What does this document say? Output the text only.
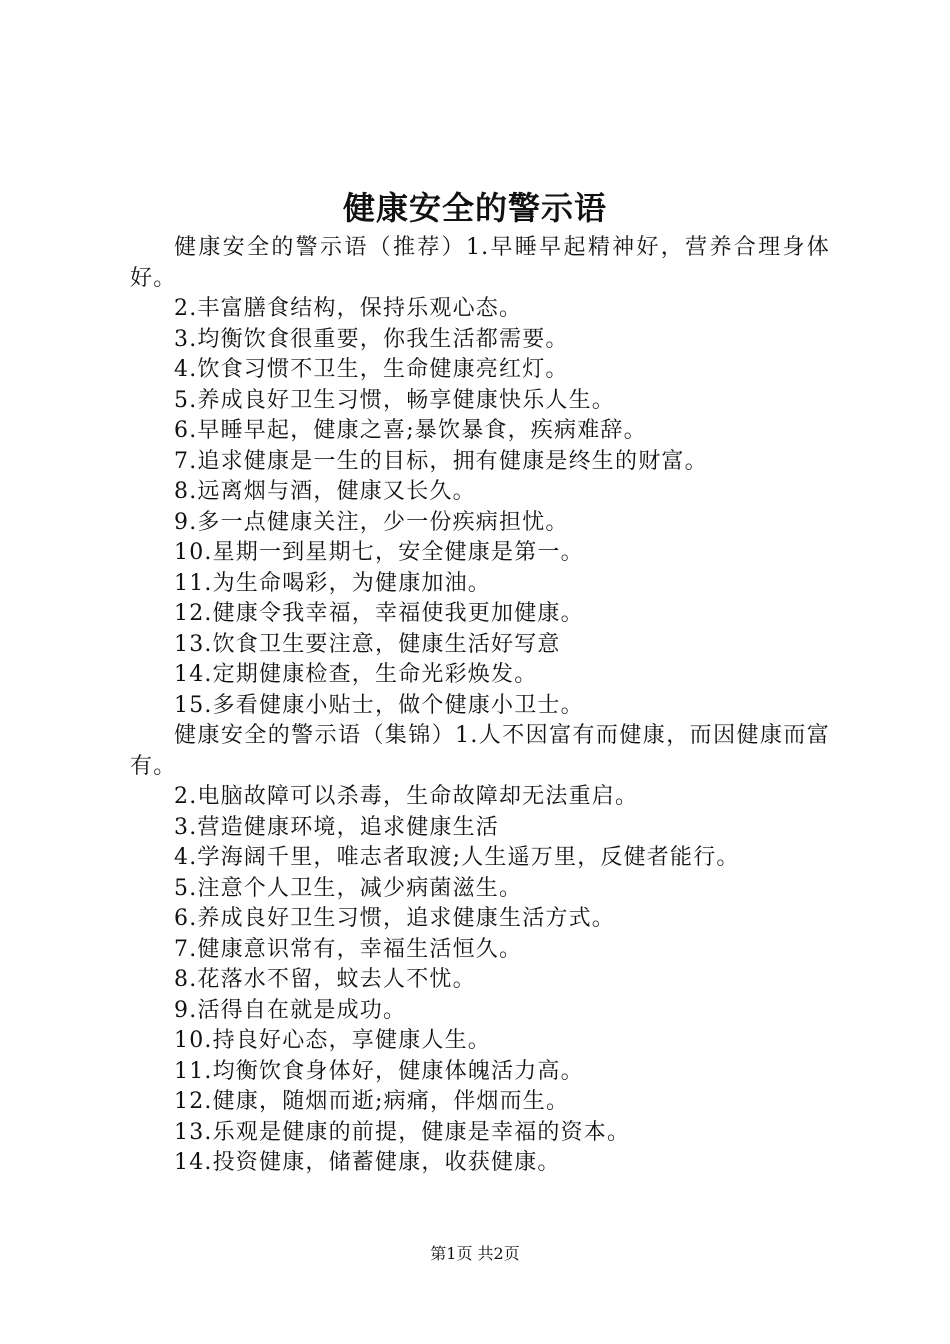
健康安全的警示语

健康安全的警示语（推荐）1.早睡早起精神好，营养合理身体好。

2.丰富膳食结构，保持乐观心态。

3.均衡饮食很重要，你我生活都需要。

4.饮食习惯不卫生，生命健康亮红灯。

5.养成良好卫生习惯，畅享健康快乐人生。

6.早睡早起，健康之喜;暴饮暴食，疾病难辞。

7.追求健康是一生的目标，拥有健康是终生的财富。

8.远离烟与酒，健康又长久。

9.多一点健康关注，少一份疾病担忧。

10.星期一到星期七，安全健康是第一。

11.为生命喝彩，为健康加油。

12.健康令我幸福，幸福使我更加健康。

13.饮食卫生要注意，健康生活好写意

14.定期健康检查，生命光彩焕发。

15.多看健康小贴士，做个健康小卫士。

健康安全的警示语（集锦）1.人不因富有而健康，而因健康而富有。

2.电脑故障可以杀毒，生命故障却无法重启。

3.营造健康环境，追求健康生活

4.学海阔千里，唯志者取渡;人生遥万里，反健者能行。

5.注意个人卫生，减少病菌滋生。

6.养成良好卫生习惯，追求健康生活方式。

7.健康意识常有，幸福生活恒久。

8.花落水不留，蚊去人不忧。

9.活得自在就是成功。

10.持良好心态，享健康人生。

11.均衡饮食身体好，健康体魄活力高。

12.健康，随烟而逝;病痛，伴烟而生。

13.乐观是健康的前提，健康是幸福的资本。

14.投资健康，储蓄健康，收获健康。

第1页 共2页
